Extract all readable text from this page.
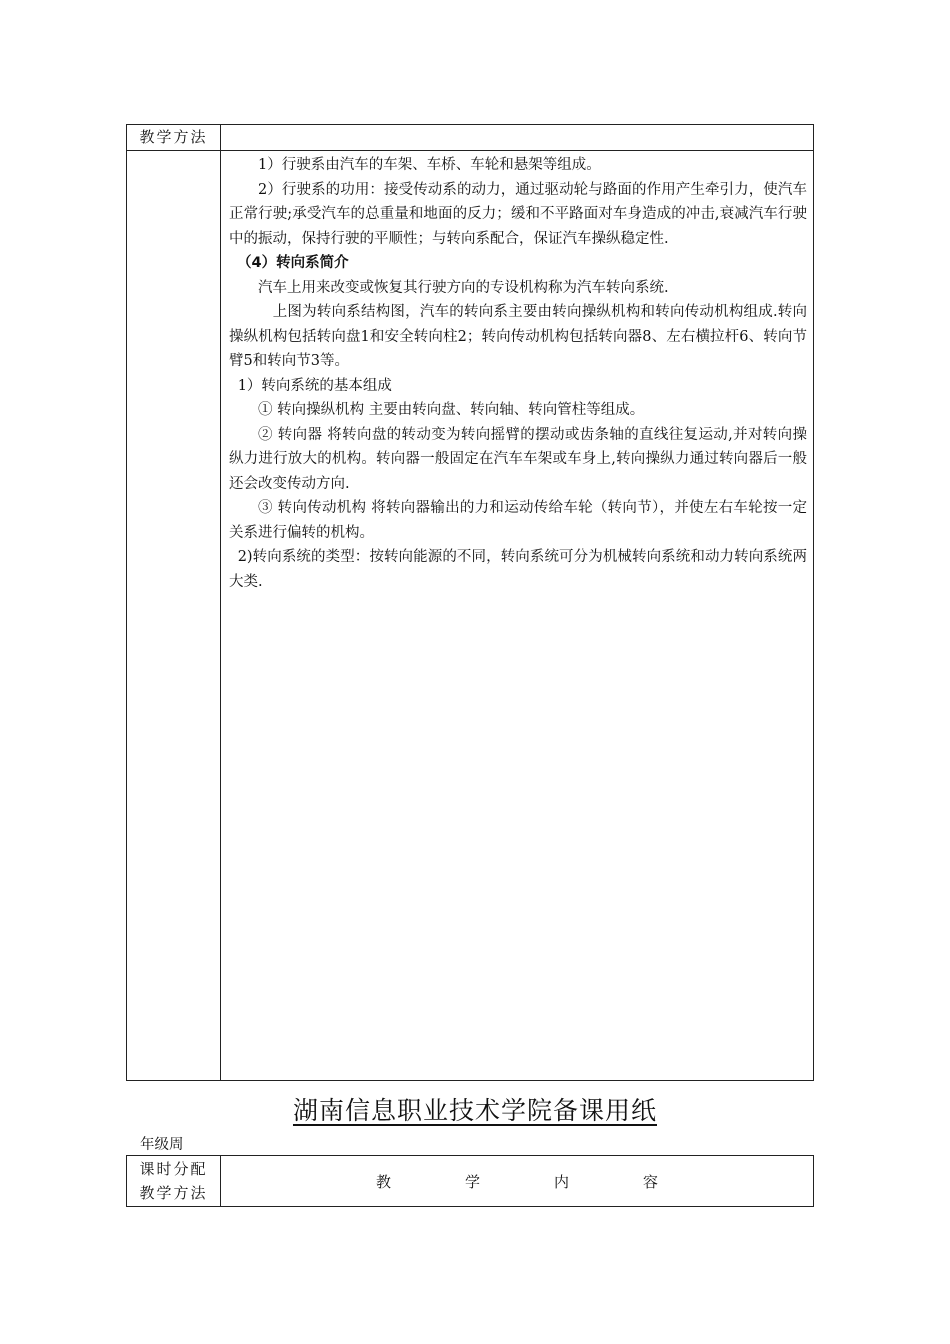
教学方法

1）行驶系由汽车的车架、车桥、车轮和悬架等组成。

2）行驶系的功用：接受传动系的动力，通过驱动轮与路面的作用产生牵引力，使汽车正常行驶;承受汽车的总重量和地面的反力；缓和不平路面对车身造成的冲击,衰减汽车行驶中的振动，保持行驶的平顺性；与转向系配合，保证汽车操纵稳定性.

（4）转向系简介

汽车上用来改变或恢复其行驶方向的专设机构称为汽车转向系统.

　上图为转向系结构图，汽车的转向系主要由转向操纵机构和转向传动机构组成.转向操纵机构包括转向盘1和安全转向柱2；转向传动机构包括转向器8、左右横拉杆6、转向节臂5和转向节3等。

1）转向系统的基本组成

① 转向操纵机构 主要由转向盘、转向轴、转向管柱等组成。

② 转向器 将转向盘的转动变为转向摇臂的摆动或齿条轴的直线往复运动,并对转向操纵力进行放大的机构。转向器一般固定在汽车车架或车身上,转向操纵力通过转向器后一般还会改变传动方向.

③ 转向传动机构 将转向器输出的力和运动传给车轮（转向节），并使左右车轮按一定关系进行偏转的机构。

2)转向系统的类型：按转向能源的不同，转向系统可分为机械转向系统和动力转向系统两大类.

湖南信息职业技术学院备课用纸
年级周
课时分配
教学方法
教	学	内	容
